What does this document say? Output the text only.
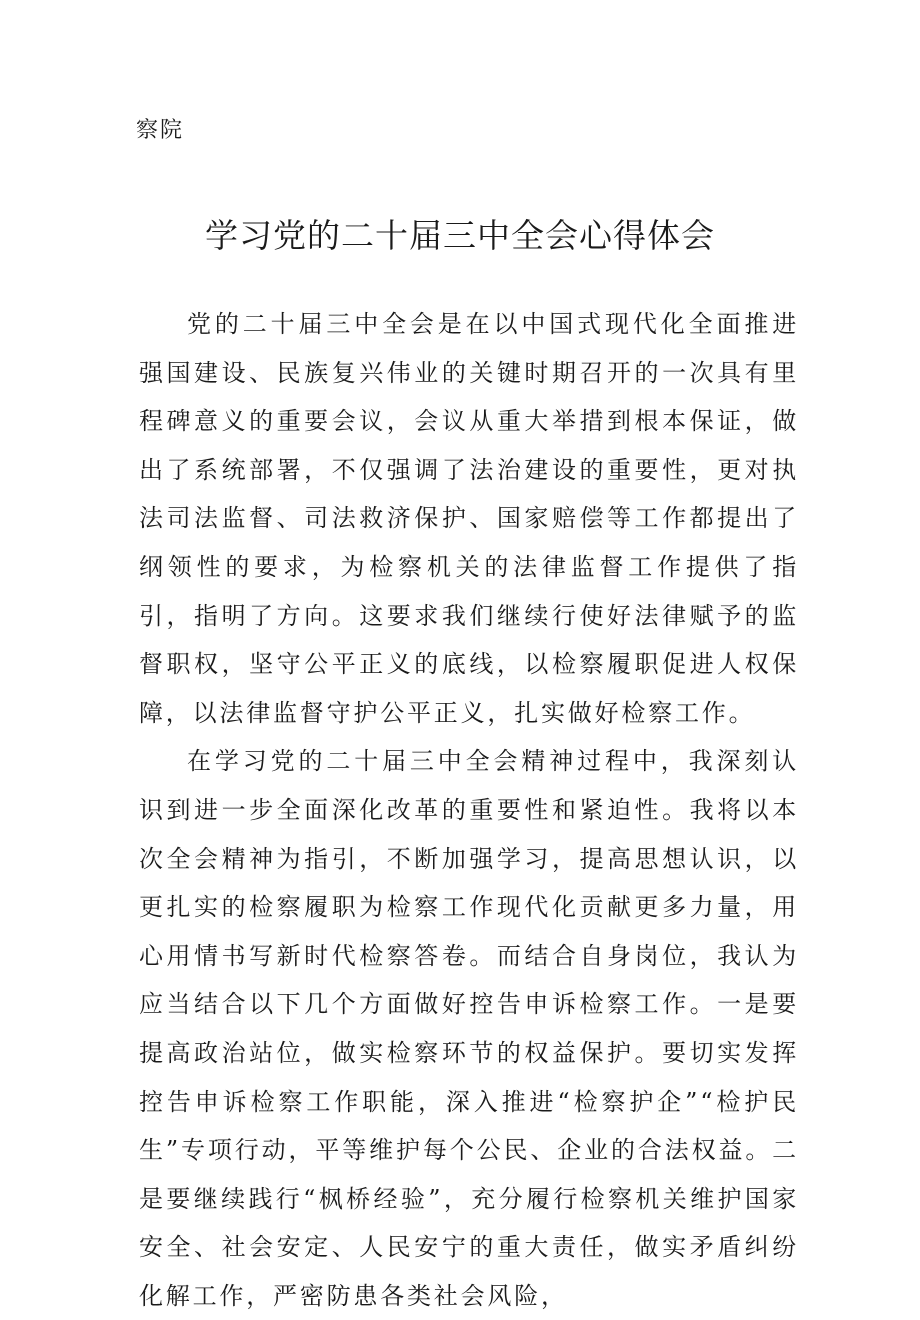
察院
学习党的二十届三中全会心得体会

党的二十届三中全会是在以中国式现代化全面推进强国建设、民族复兴伟业的关键时期召开的一次具有里程碑意义的重要会议，会议从重大举措到根本保证，做出了系统部署，不仅强调了法治建设的重要性，更对执法司法监督、司法救济保护、国家赔偿等工作都提出了纲领性的要求，为检察机关的法律监督工作提供了指引，指明了方向。这要求我们继续行使好法律赋予的监督职权，坚守公平正义的底线，以检察履职促进人权保障，以法律监督守护公平正义，扎实做好检察工作。

在学习党的二十届三中全会精神过程中，我深刻认识到进一步全面深化改革的重要性和紧迫性。我将以本次全会精神为指引，不断加强学习，提高思想认识，以更扎实的检察履职为检察工作现代化贡献更多力量，用心用情书写新时代检察答卷。而结合自身岗位，我认为应当结合以下几个方面做好控告申诉检察工作。一是要提高政治站位，做实检察环节的权益保护。要切实发挥控告申诉检察工作职能，深入推进“检察护企”“检护民生”专项行动，平等维护每个公民、企业的合法权益。二是要继续践行“枫桥经验”，充分履行检察机关维护国家安全、社会安定、人民安宁的重大责任，做实矛盾纠纷化解工作，严密防患各类社会风险，
